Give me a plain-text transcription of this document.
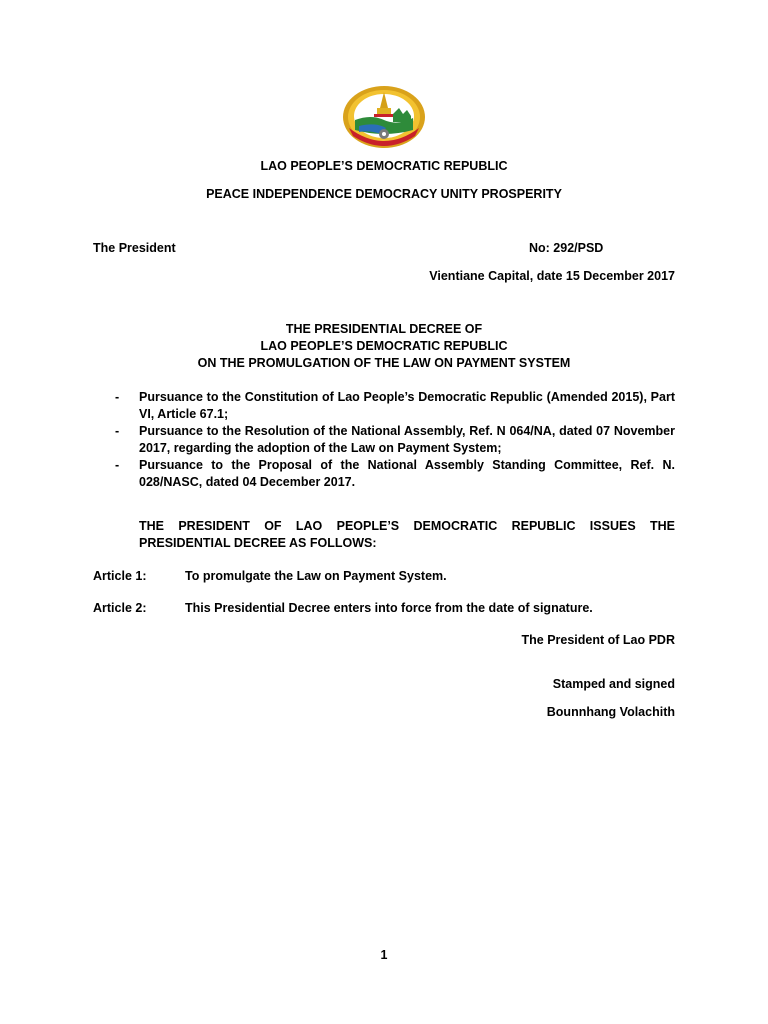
LAO PEOPLE’S DEMOCRATIC REPUBLIC
PEACE INDEPENDENCE DEMOCRACY UNITY PROSPERITY
The President	No: 292/PSD
Vientiane Capital, date 15 December 2017
THE PRESIDENTIAL DECREE OF
LAO PEOPLE’S DEMOCRATIC REPUBLIC
ON THE PROMULGATION OF THE LAW ON PAYMENT SYSTEM
- Pursuance to the Constitution of Lao People’s Democratic Republic (Amended 2015), Part VI, Article 67.1;
- Pursuance to the Resolution of the National Assembly, Ref. N 064/NA, dated 07 November 2017, regarding the adoption of the Law on Payment System;
- Pursuance to the Proposal of the National Assembly Standing Committee, Ref. N. 028/NASC, dated 04 December 2017.
THE PRESIDENT OF LAO PEOPLE’S DEMOCRATIC REPUBLIC ISSUES THE PRESIDENTIAL DECREE AS FOLLOWS:
Article 1:	To promulgate the Law on Payment System.
Article 2:	This Presidential Decree enters into force from the date of signature.
The President of Lao PDR
Stamped and signed
Bounnhang Volachith
1
